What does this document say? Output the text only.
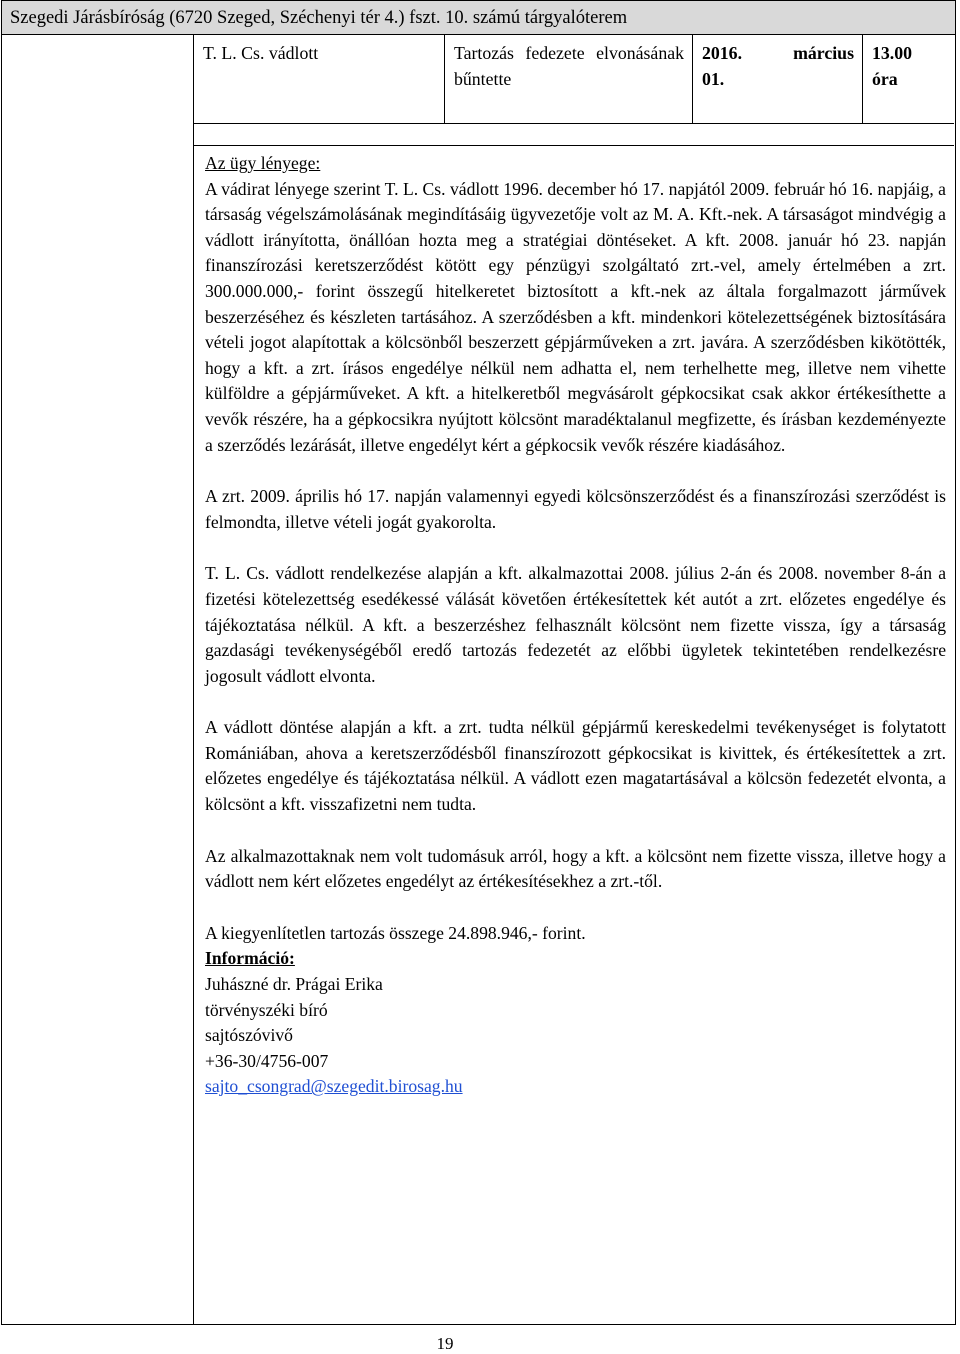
Szegedi Járásbíróság (6720 Szeged, Széchenyi tér 4.) fszt. 10. számú tárgyalóterem
T. L. Cs. vádlott	Tartozás fedezete elvonásának bűntette
2016.	március
01.
13.00
óra

Az ügy lényege:

A vádirat lényege szerint T. L. Cs. vádlott 1996. december hó 17. napjától 2009. február hó 16. napjáig, a társaság végelszámolásának megindításáig ügyvezetője volt az M. A. Kft.-nek. A társaságot mindvégig a vádlott irányította, önállóan hozta meg a stratégiai döntéseket. A kft. 2008. január hó 23. napján finanszírozási keretszerződést kötött egy pénzügyi szolgáltató zrt.-vel, amely értelmében a zrt. 300.000.000,- forint összegű hitelkeretet biztosított a kft.-nek az általa forgalmazott járművek beszerzéséhez és készleten tartásához. A szerződésben a kft. mindenkori kötelezettségének biztosítására vételi jogot alapítottak a kölcsönből beszerzett gépjárműveken a zrt. javára. A szerződésben kikötötték, hogy a kft. a zrt. írásos engedélye nélkül nem adhatta el, nem terhelhette meg, illetve nem vihette külföldre a gépjárműveket. A kft. a hitelkeretből megvásárolt gépkocsikat csak akkor értékesíthette a vevők részére, ha a gépkocsikra nyújtott kölcsönt maradéktalanul megfizette, és írásban kezdeményezte a szerződés lezárását, illetve engedélyt kért a gépkocsik vevők részére kiadásához.

A zrt. 2009. április hó 17. napján valamennyi egyedi kölcsönszerződést és a finanszírozási szerződést is felmondta, illetve vételi jogát gyakorolta.

T. L. Cs. vádlott rendelkezése alapján a kft. alkalmazottai 2008. július 2-án és 2008. november 8-án a fizetési kötelezettség esedékessé válását követően értékesítettek két autót a zrt. előzetes engedélye és tájékoztatása nélkül. A kft. a beszerzéshez felhasznált kölcsönt nem fizette vissza, így a társaság gazdasági tevékenységéből eredő tartozás fedezetét az előbbi ügyletek tekintetében rendelkezésre jogosult vádlott elvonta.

A vádlott döntése alapján a kft. a zrt. tudta nélkül gépjármű kereskedelmi tevékenységet is folytatott Romániában, ahova a keretszerződésből finanszírozott gépkocsikat is kivittek, és értékesítettek a zrt. előzetes engedélye és tájékoztatása nélkül. A vádlott ezen magatartásával a kölcsön fedezetét elvonta, a kölcsönt a kft. visszafizetni nem tudta.

Az alkalmazottaknak nem volt tudomásuk arról, hogy a kft. a kölcsönt nem fizette vissza, illetve hogy a vádlott nem kért előzetes engedélyt az értékesítésekhez a zrt.-től.

A kiegyenlítetlen tartozás összege 24.898.946,- forint.

Információ:

Juhászné dr. Prágai Erika

törvényszéki bíró

sajtószóvivő

+36-30/4756-007

sajto_csongrad@szegedit.birosag.hu

19
